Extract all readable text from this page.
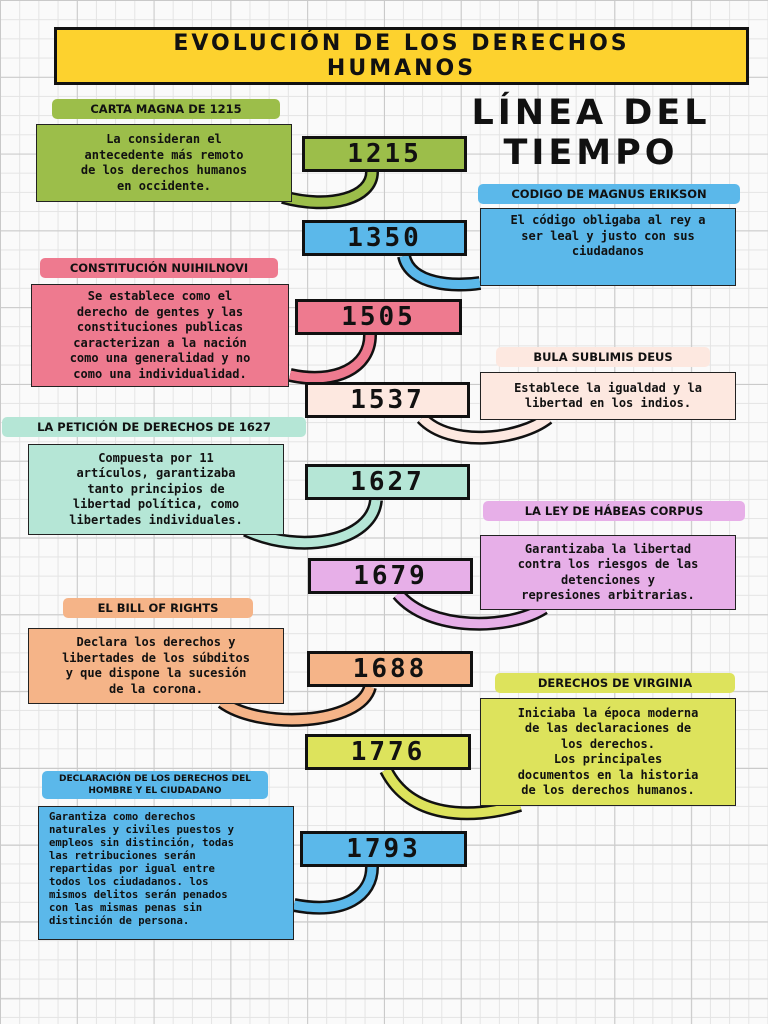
EVOLUCIÓN DE LOS DERECHOS HUMANOS
LÍNEA DEL
TIEMPO
CARTA MAGNA DE 1215
La consideran el
antecedente más remoto
de los derechos humanos
en occidente.
1215
CODIGO DE MAGNUS ERIKSON
El código obligaba al rey a
ser leal y justo con sus
ciudadanos
1350
CONSTITUCIÓN NUIHILNOVI
Se establece como el
derecho de gentes y las
constituciones publicas
caracterizan a la nación
como una generalidad y no
como una individualidad.
1505
BULA SUBLIMIS DEUS
Establece la igualdad y la
libertad en los indios.
1537
LA PETICIÓN DE DERECHOS DE 1627
Compuesta por 11
artículos, garantizaba
tanto principios de
libertad política, como
libertades individuales.
1627
LA LEY DE HÁBEAS CORPUS
Garantizaba la libertad
contra los riesgos de las
detenciones y
represiones arbitrarias.
1679
EL BILL OF RIGHTS
Declara los derechos y
libertades de los súbditos
y que dispone la sucesión
de la corona.
1688	DERECHOS DE VIRGINIA
Iniciaba la época moderna
de las declaraciones de
los derechos.
Los principales
documentos en la historia
de los derechos humanos.
1776
DECLARACIÓN DE LOS DERECHOS DEL HOMBRE Y EL CIUDADANO
Garantiza como derechos
naturales y civiles puestos y
empleos sin distinción, todas
las retribuciones serán
repartidas por igual entre
todos los ciudadanos. los
mismos delitos serán penados
con las mismas penas sin
distinción de persona.
1793
